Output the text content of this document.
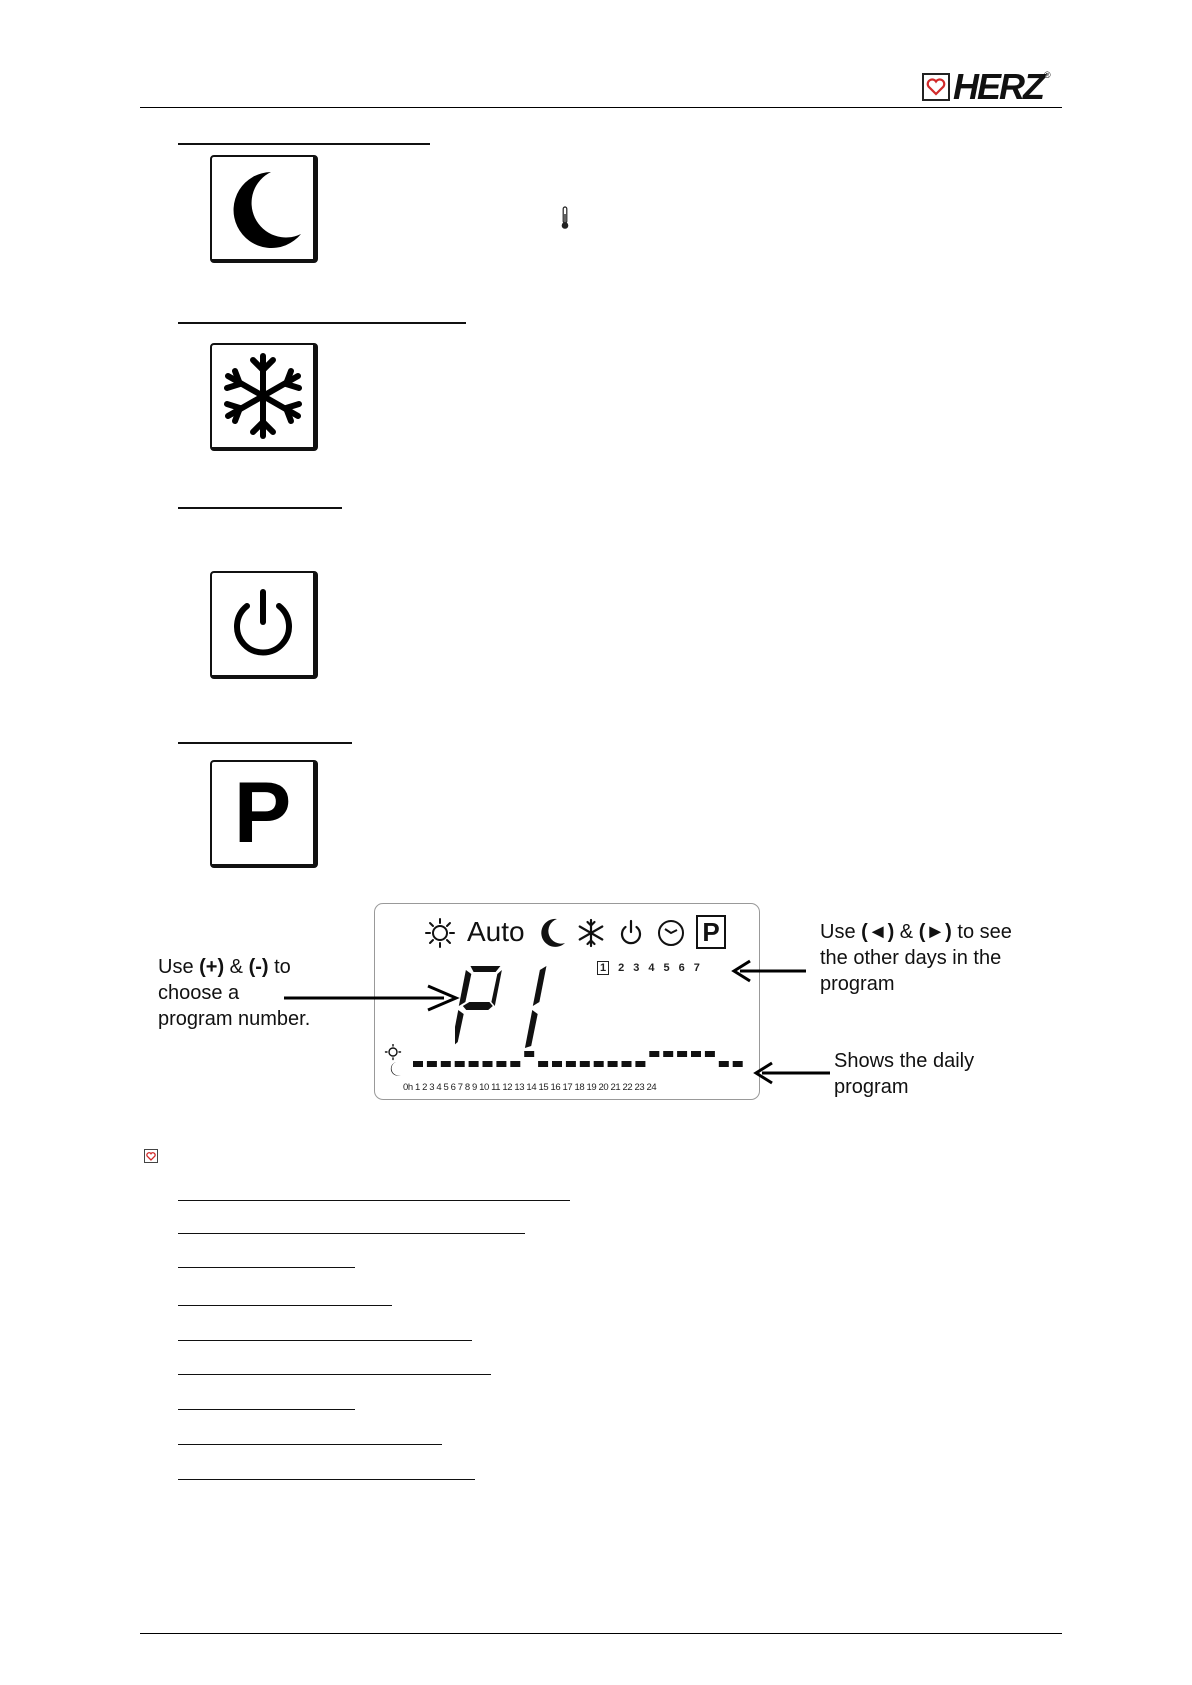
HERZ ®
P
Auto	P
1 2 3 4 5 6 7
P1
0h 1 2 3 4 5 6 7 8 9 10 11 12 13 14 15 16 17 18 19 20 21 22 23 24
Use (+) & (-) to
choose a
program number.
Use (◄) & (►) to see
the other days in the
program
Shows the daily
program
